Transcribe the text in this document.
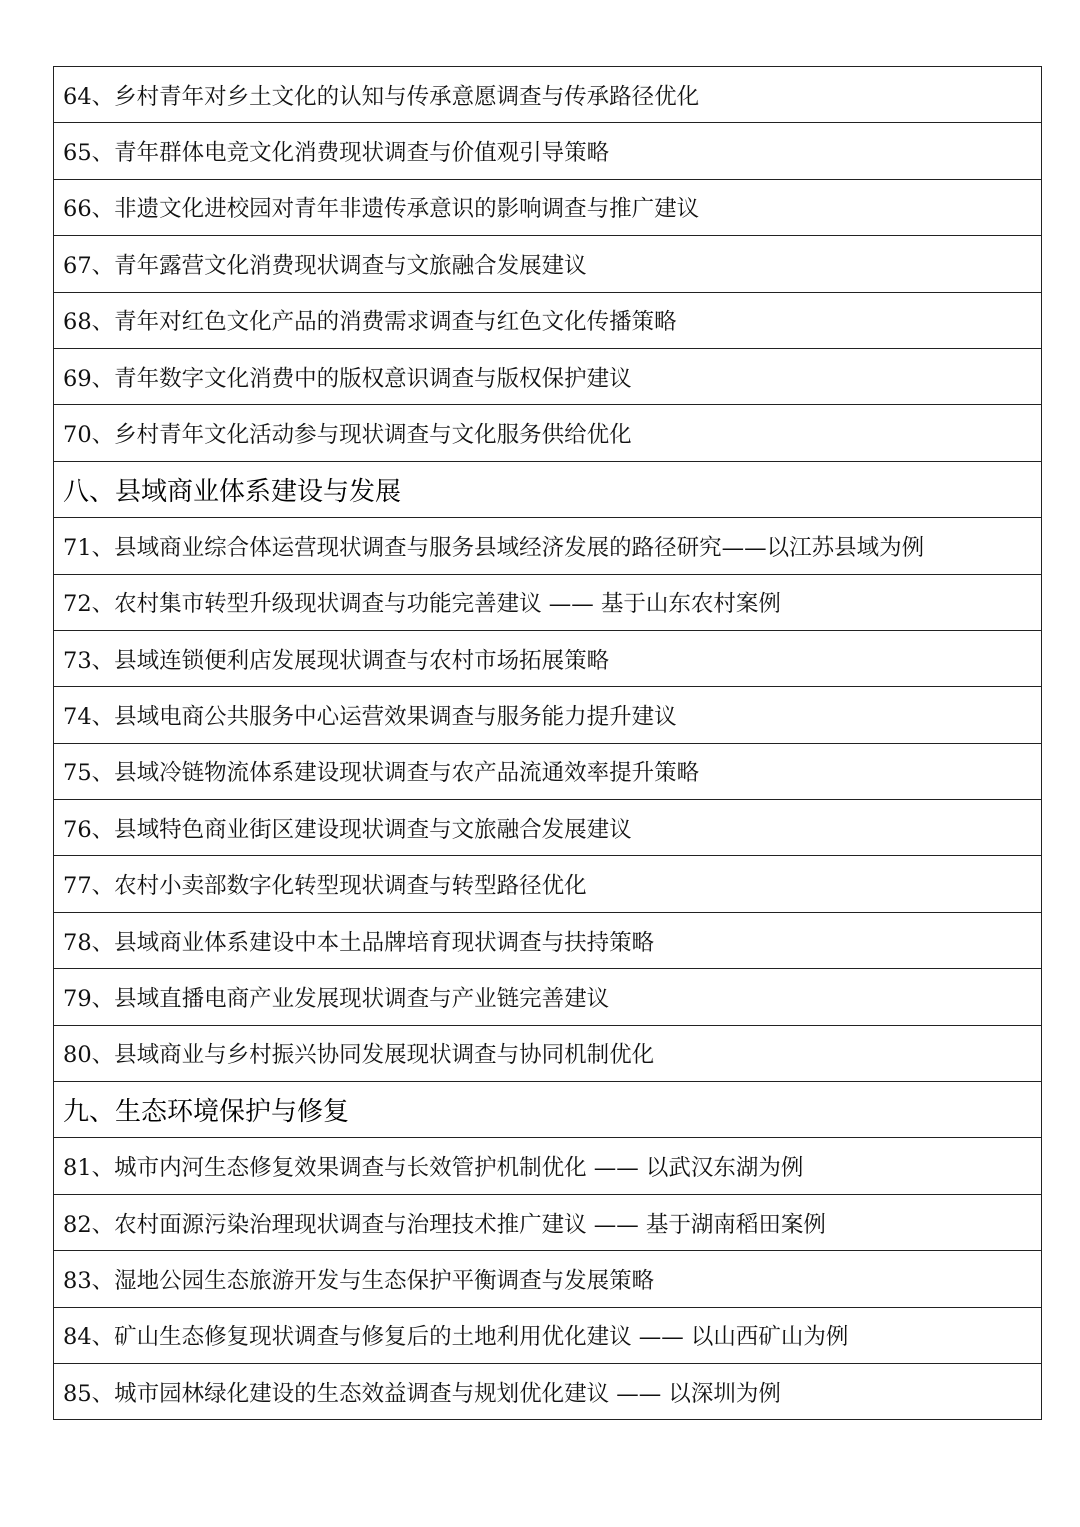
64、乡村青年对乡土文化的认知与传承意愿调查与传承路径优化
65、青年群体电竞文化消费现状调查与价值观引导策略
66、非遗文化进校园对青年非遗传承意识的影响调查与推广建议
67、青年露营文化消费现状调查与文旅融合发展建议
68、青年对红色文化产品的消费需求调查与红色文化传播策略
69、青年数字文化消费中的版权意识调查与版权保护建议
70、乡村青年文化活动参与现状调查与文化服务供给优化
八、县域商业体系建设与发展
71、县域商业综合体运营现状调查与服务县域经济发展的路径研究——以江苏县域为例
72、农村集市转型升级现状调查与功能完善建议 —— 基于山东农村案例
73、县域连锁便利店发展现状调查与农村市场拓展策略
74、县域电商公共服务中心运营效果调查与服务能力提升建议
75、县域冷链物流体系建设现状调查与农产品流通效率提升策略
76、县域特色商业街区建设现状调查与文旅融合发展建议
77、农村小卖部数字化转型现状调查与转型路径优化
78、县域商业体系建设中本土品牌培育现状调查与扶持策略
79、县域直播电商产业发展现状调查与产业链完善建议
80、县域商业与乡村振兴协同发展现状调查与协同机制优化
九、生态环境保护与修复
81、城市内河生态修复效果调查与长效管护机制优化 —— 以武汉东湖为例
82、农村面源污染治理现状调查与治理技术推广建议 —— 基于湖南稻田案例
83、湿地公园生态旅游开发与生态保护平衡调查与发展策略
84、矿山生态修复现状调查与修复后的土地利用优化建议 —— 以山西矿山为例
85、城市园林绿化建设的生态效益调查与规划优化建议 —— 以深圳为例
